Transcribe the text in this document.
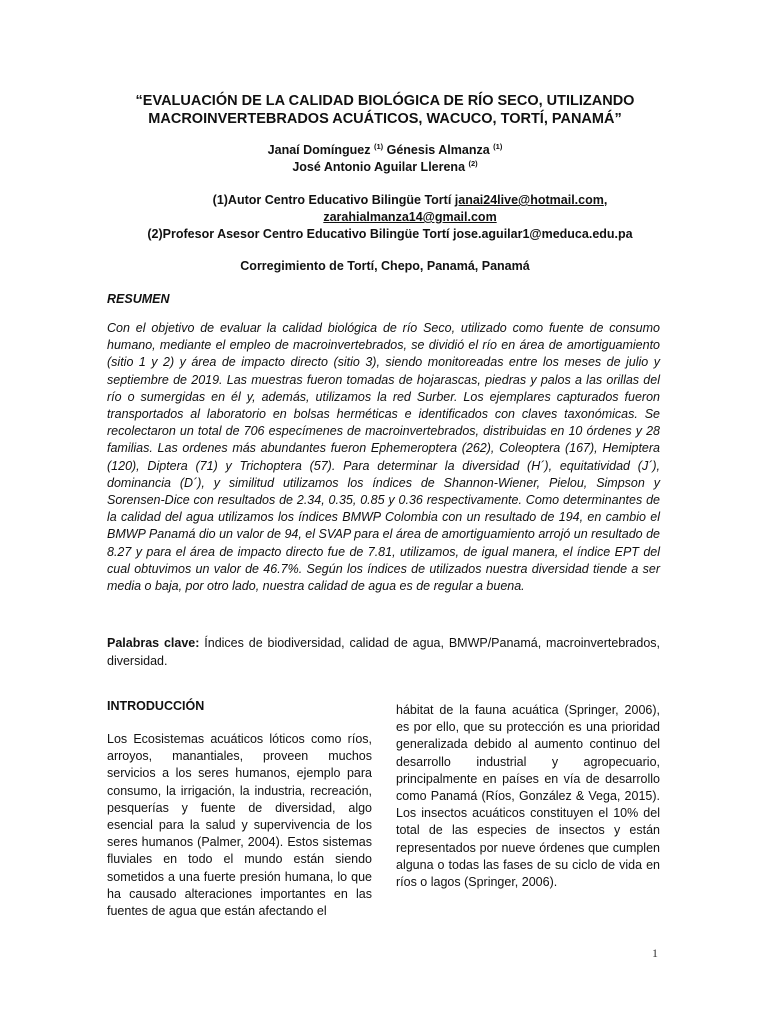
“EVALUACIÓN DE LA CALIDAD BIOLÓGICA DE RÍO SECO, UTILIZANDO MACROINVERTEBRADOS ACUÁTICOS, WACUCO, TORTÍ, PANAMÁ”
Janaí Domínguez $^{(1)}$ Génesis Almanza $^{(1)}$
José Antonio Aguilar Llerena $^{(2)}$
(1)Autor Centro Educativo Bilingüe Tortí janai24live@hotmail.com,
zarahialmanza14@gmail.com
(2)Profesor Asesor Centro Educativo Bilingüe Tortí jose.aguilar1@meduca.edu.pa
Corregimiento de Tortí, Chepo, Panamá, Panamá
RESUMEN

Con el objetivo de evaluar la calidad biológica de río Seco, utilizado como fuente de consumo humano, mediante el empleo de macroinvertebrados, se dividió el río en área de amortiguamiento (sitio 1 y 2) y área de impacto directo (sitio 3), siendo monitoreadas entre los meses de julio y septiembre de 2019. Las muestras fueron tomadas de hojarascas, piedras y palos a las orillas del río o sumergidas en él y, además, utilizamos la red Surber. Los ejemplares capturados fueron transportados al laboratorio en bolsas herméticas e identificados con claves taxonómicas. Se recolectaron un total de 706 especímenes de macroinvertebrados, distribuidas en 10 órdenes y 28 familias. Las ordenes más abundantes fueron Ephemeroptera (262), Coleoptera (167), Hemiptera (120), Diptera (71) y Trichoptera (57). Para determinar la diversidad (H´), equitatividad (J´), dominancia (D´), y similitud utilizamos los índices de Shannon-Wiener, Pielou, Simpson y Sorensen-Dice con resultados de 2.34, 0.35, 0.85 y 0.36 respectivamente. Como determinantes de la calidad del agua utilizamos los índices BMWP Colombia con un resultado de 194, en cambio el BMWP Panamá dio un valor de 94, el SVAP para el área de amortiguamiento arrojó un resultado de 8.27 y para el área de impacto directo fue de 7.81, utilizamos, de igual manera, el índice EPT del cual obtuvimos un valor de 46.7%. Según los índices de utilizados nuestra diversidad tiende a ser media o baja, por otro lado, nuestra calidad de agua es de regular a buena.

Palabras clave: Índices de biodiversidad, calidad de agua, BMWP/Panamá, macroinvertebrados, diversidad.

INTRODUCCIÓN

Los Ecosistemas acuáticos lóticos como ríos, arroyos, manantiales, proveen muchos servicios a los seres humanos, ejemplo para consumo, la irrigación, la industria, recreación, pesquerías y fuente de diversidad, algo esencial para la salud y supervivencia de los seres humanos (Palmer, 2004). Estos sistemas fluviales en todo el mundo están siendo sometidos a una fuerte presión humana, lo que ha causado alteraciones importantes en las fuentes de agua que están afectando el

hábitat de la fauna acuática (Springer, 2006), es por ello, que su protección es una prioridad generalizada debido al aumento continuo del desarrollo industrial y agropecuario, principalmente en países en vía de desarrollo como Panamá (Ríos, González & Vega, 2015). Los insectos acuáticos constituyen el 10% del total de las especies de insectos y están representados por nueve órdenes que cumplen alguna o todas las fases de su ciclo de vida en ríos o lagos (Springer, 2006).

1
